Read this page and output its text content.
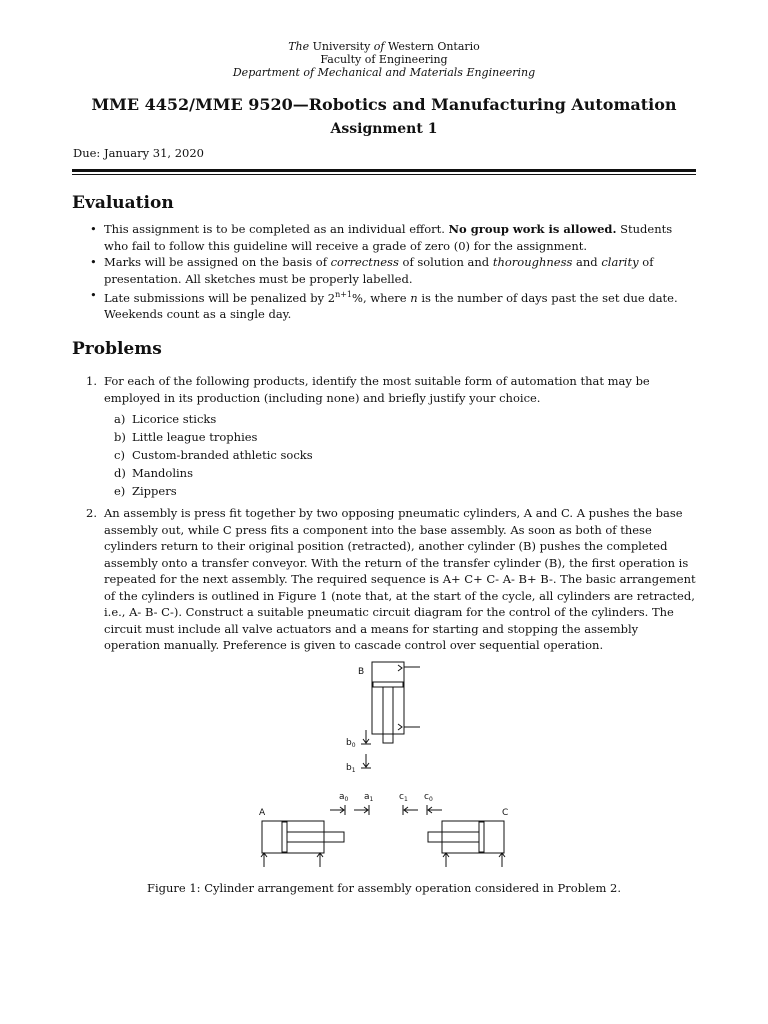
The University of Western Ontario
Faculty of Engineering
Department of Mechanical and Materials Engineering
MME 4452/MME 9520—Robotics and Manufacturing Automation
Assignment 1
Due: January 31, 2020
Evaluation
• This assignment is to be completed as an individual effort. No group work is allowed. Students who fail to follow this guideline will receive a grade of zero (0) for the assignment.
• Marks will be assigned on the basis of correctness of solution and thoroughness and clarity of presentation. All sketches must be properly labelled.
• Late submissions will be penalized by $2^{n+1}\%$, where n is the number of days past the set due date. Weekends count as a single day.
Problems
1. For each of the following products, identify the most suitable form of automation that may be employed in its production (including none) and briefly justify your choice.
a) Licorice sticks
b) Little league trophies
c) Custom-branded athletic socks
d) Mandolins
e) Zippers
2. An assembly is press fit together by two opposing pneumatic cylinders, A and C. A pushes the base assembly out, while C press fits a component into the base assembly. As soon as both of these cylinders return to their original position (retracted), another cylinder (B) pushes the completed assembly onto a transfer conveyor. With the return of the transfer cylinder (B), the first operation is repeated for the next assembly. The required sequence is A+ C+ C- A- B+ B-. The basic arrangement of the cylinders is outlined in Figure 1 (note that, at the start of the cycle, all cylinders are retracted, i.e., A- B- C-). Construct a suitable pneumatic circuit diagram for the control of the cylinders. The circuit must include all valve actuators and a means for starting and stopping the assembly operation manually. Preference is given to cascade control over sequential operation.
B
$b_0$
$b_1$
$a_0$ $a_1$	$c_1$ $c_0$
A	C
Figure 1: Cylinder arrangement for assembly operation considered in Problem 2.
